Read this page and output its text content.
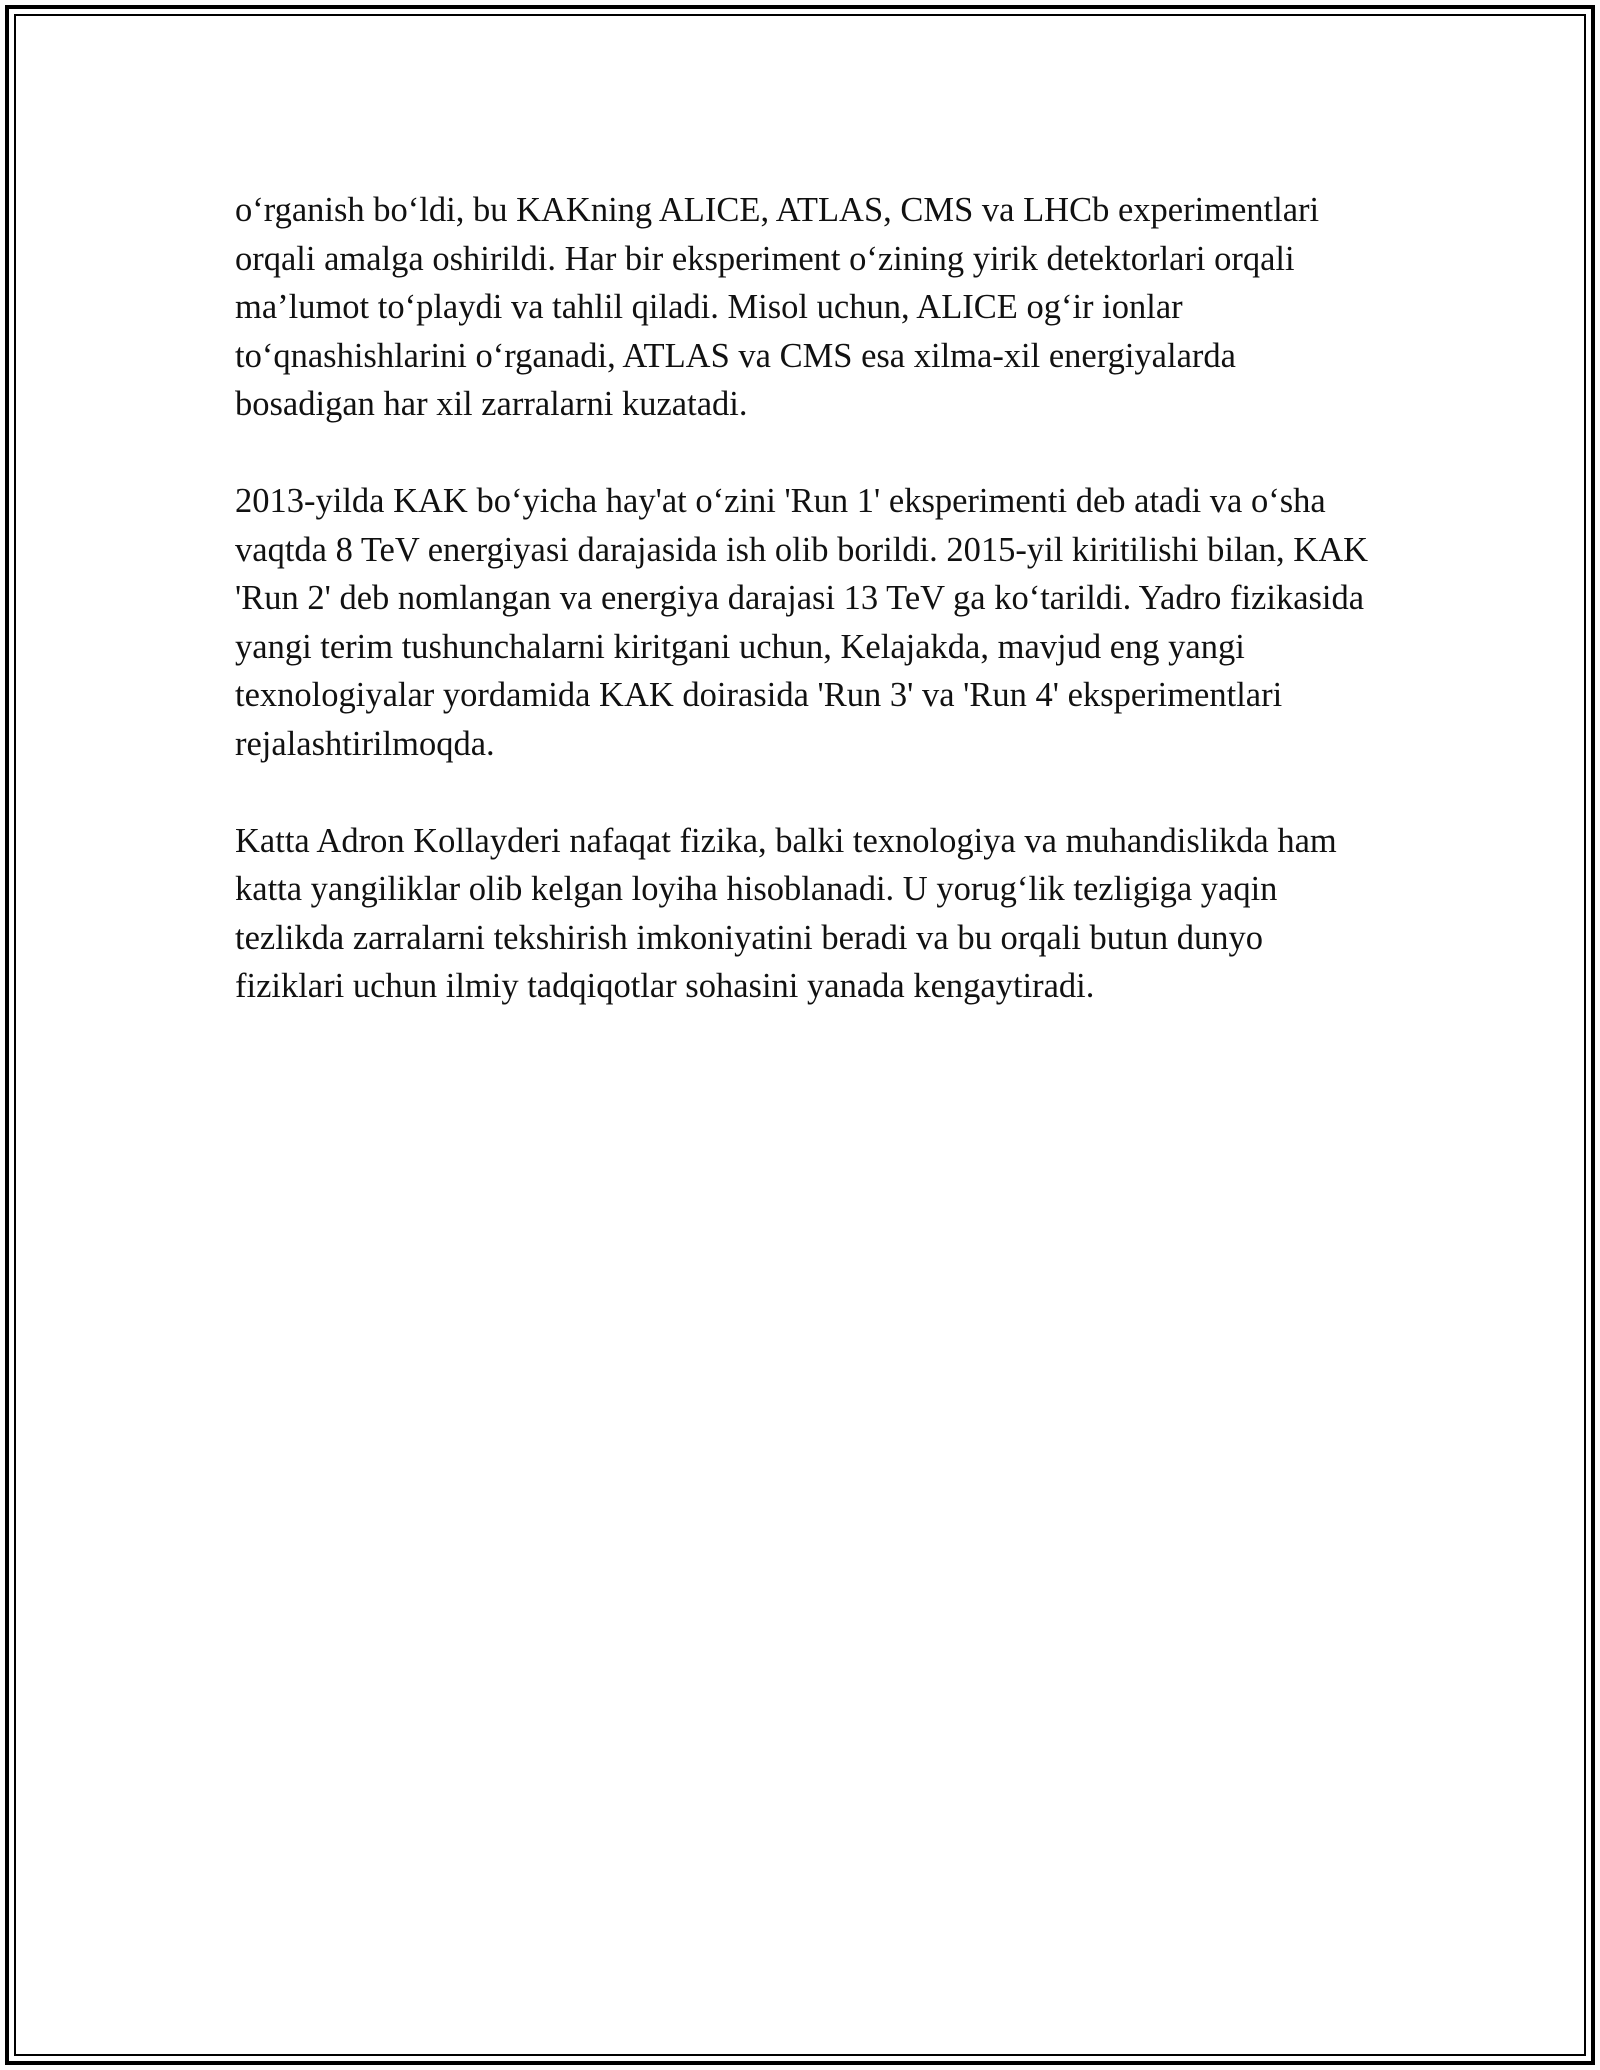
o‘rganish bo‘ldi, bu KAKning ALICE, ATLAS, CMS va LHCb experimentlari orqali amalga oshirildi. Har bir eksperiment o‘zining yirik detektorlari orqali ma’lumot to‘playdi va tahlil qiladi. Misol uchun, ALICE og‘ir ionlar to‘qnashishlarini o‘rganadi, ATLAS va CMS esa xilma-xil energiyalarda bosadigan har xil zarralarni kuzatadi.

2013-yilda KAK bo‘yicha hay'at o‘zini 'Run 1' eksperimenti deb atadi va o‘sha vaqtda 8 TeV energiyasi darajasida ish olib borildi. 2015-yil kiritilishi bilan, KAK 'Run 2' deb nomlangan va energiya darajasi 13 TeV ga ko‘tarildi. Yadro fizikasida yangi terim tushunchalarni kiritgani uchun, Kelajakda, mavjud eng yangi texnologiyalar yordamida KAK doirasida 'Run 3' va 'Run 4' eksperimentlari rejalashtirilmoqda.

Katta Adron Kollayderi nafaqat fizika, balki texnologiya va muhandislikda ham katta yangiliklar olib kelgan loyiha hisoblanadi. U yorug‘lik tezligiga yaqin tezlikda zarralarni tekshirish imkoniyatini beradi va bu orqali butun dunyo fiziklari uchun ilmiy tadqiqotlar sohasini yanada kengaytiradi.
